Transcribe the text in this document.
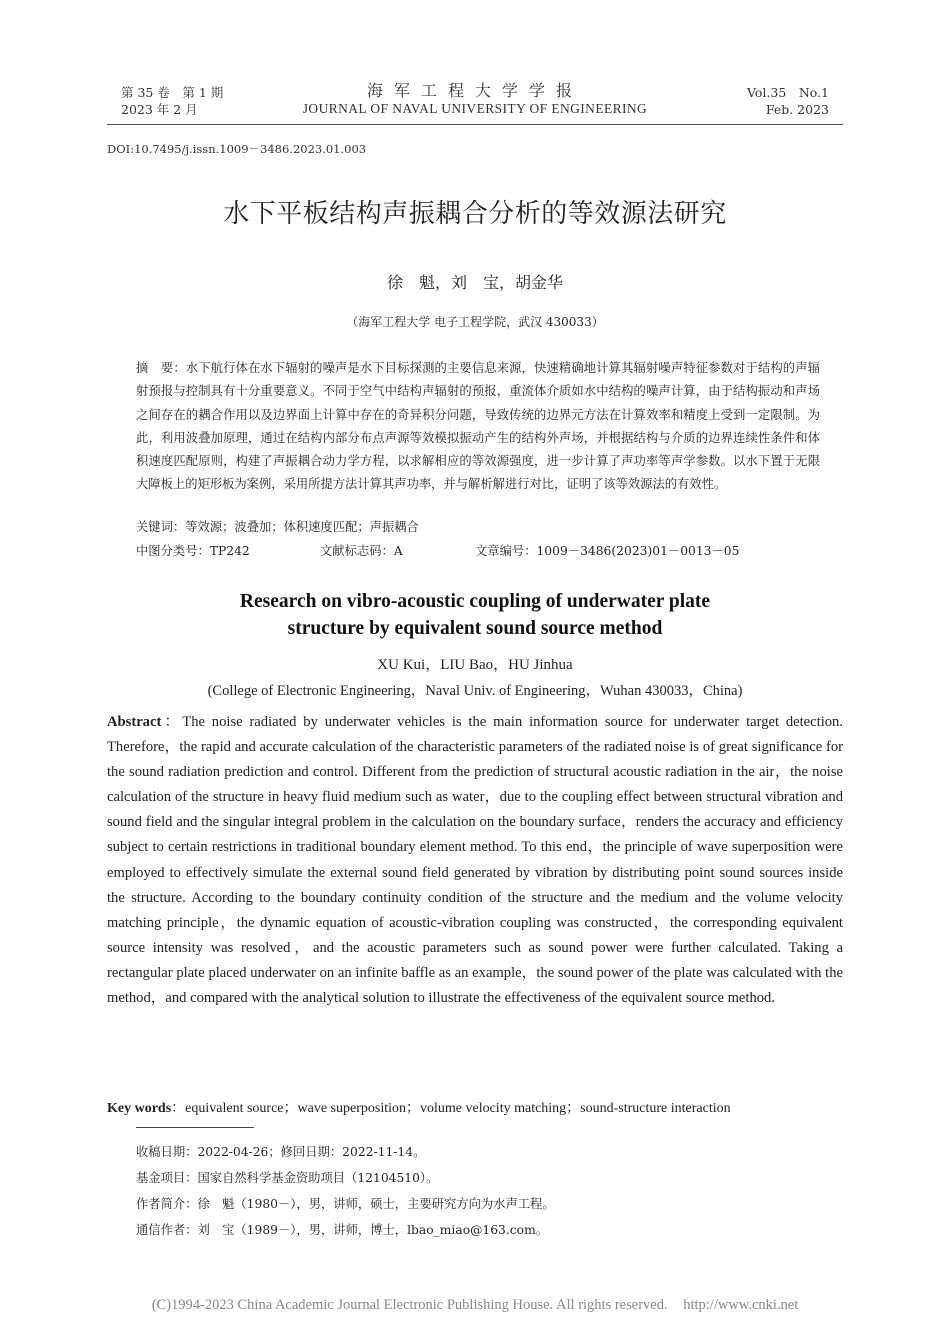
第 35 卷　第 1 期
2023 年 2 月
海军工程大学学报
JOURNAL OF NAVAL UNIVERSITY OF ENGINEERING
Vol.35　No.1
Feb. 2023
DOI:10.7495/j.issn.1009－3486.2023.01.003
水下平板结构声振耦合分析的等效源法研究
徐　魁，刘　宝，胡金华
（海军工程大学 电子工程学院，武汉 430033）
摘　要：水下航行体在水下辐射的噪声是水下目标探测的主要信息来源，快速精确地计算其辐射噪声特征参数对于结构的声辐射预报与控制具有十分重要意义。不同于空气中结构声辐射的预报，重流体介质如水中结构的噪声计算，由于结构振动和声场之间存在的耦合作用以及边界面上计算中存在的奇异积分问题，导致传统的边界元方法在计算效率和精度上受到一定限制。为此，利用波叠加原理，通过在结构内部分布点声源等效模拟振动产生的结构外声场，并根据结构与介质的边界连续性条件和体积速度匹配原则，构建了声振耦合动力学方程，以求解相应的等效源强度，进一步计算了声功率等声学参数。以水下置于无限大障板上的矩形板为案例，采用所提方法计算其声功率，并与解析解进行对比，证明了该等效源法的有效性。
关键词：等效源；波叠加；体积速度匹配；声振耦合
中图分类号：TP242	文献标志码：A	文章编号：1009－3486(2023)01－0013－05
Research on vibro-acoustic coupling of underwater plate
structure by equivalent sound source method
XU Kui，LIU Bao，HU Jinhua
(College of Electronic Engineering，Naval Univ. of Engineering，Wuhan 430033，China)
Abstract：The noise radiated by underwater vehicles is the main information source for underwater target detection. Therefore，the rapid and accurate calculation of the characteristic parameters of the radiated noise is of great significance for the sound radiation prediction and control. Different from the prediction of structural acoustic radiation in the air，the noise calculation of the structure in heavy fluid medium such as water，due to the coupling effect between structural vibration and sound field and the singular integral problem in the calculation on the boundary surface，renders the accuracy and efficiency subject to certain restrictions in traditional boundary element method. To this end，the principle of wave superposition were employed to effectively simulate the external sound field generated by vibration by distributing point sound sources inside the structure. According to the boundary continuity condition of the structure and the medium and the volume velocity matching principle，the dynamic equation of acoustic-vibration coupling was constructed，the corresponding equivalent source intensity was resolved，and the acoustic parameters such as sound power were further calculated. Taking a rectangular plate placed underwater on an infinite baffle as an example，the sound power of the plate was calculated with the method，and compared with the analytical solution to illustrate the effectiveness of the equivalent source method.
Key words：equivalent source；wave superposition；volume velocity matching；sound-structure interaction
收稿日期：2022-04-26；修回日期：2022-11-14。
基金项目：国家自然科学基金资助项目（12104510）。
作者简介：徐　魁（1980－），男，讲师，硕士，主要研究方向为水声工程。
通信作者：刘　宝（1989－），男，讲师，博士，lbao_miao@163.com。
(C)1994-2023 China Academic Journal Electronic Publishing House. All rights reserved. http://www.cnki.net
